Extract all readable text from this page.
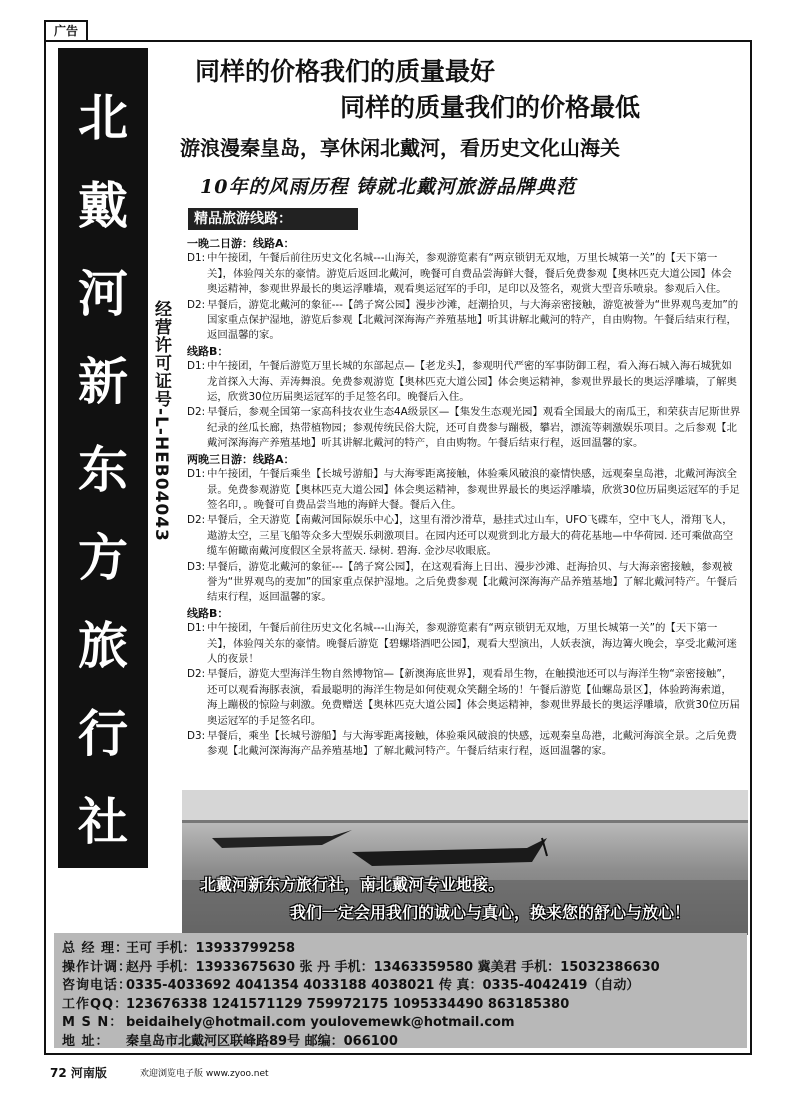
广告
北
戴
河
新
东
方
旅
行
社
经营许可证号-L-HEB04043
同样的价格我们的质量最好
同样的质量我们的价格最低
游浪漫秦皇岛，享休闲北戴河，看历史文化山海关
10年的风雨历程 铸就北戴河旅游品牌典范
精品旅游线路：
一晚二日游：线路A：
D1: 中午接团，午餐后前往历史文化名城---山海关，参观游览素有“两京锁钥无双地，万里长城第一关”的【天下第一关】，体验闯关东的豪情。游览后返回北戴河，晚餐可自费品尝海鲜大餐，餐后免费参观【奥林匹克大道公园】体会奥运精神，参观世界最长的奥运浮雕墙，观看奥运冠军的手印，足印以及签名，观赏大型音乐喷泉。参观后入住。
D2: 早餐后，游览北戴河的象征---【鸽子窝公园】漫步沙滩，赶潮拾贝，与大海亲密接触，游览被誉为“世界观鸟麦加”的国家重点保护湿地，游览后参观【北戴河深海海产养殖基地】听其讲解北戴河的特产，自由购物。午餐后结束行程，返回温馨的家。
线路B：
D1: 中午接团，午餐后游览万里长城的东部起点—【老龙头】，参观明代严密的军事防御工程，看入海石城入海石城犹如龙首探入大海、弄涛舞浪。免费参观游览【奥林匹克大道公园】体会奥运精神，参观世界最长的奥运浮雕墙，了解奥运，欣赏30位历届奥运冠军的手足签名印。晚餐后入住。
D2: 早餐后，参观全国第一家高科技农业生态4A级景区—【集发生态观光园】观看全国最大的南瓜王，和荣获吉尼斯世界纪录的丝瓜长廊，热带植物园；参观传统民俗大院，还可自费参与蹦极，攀岩，漂流等刺激娱乐项目。之后参观【北戴河深海海产养殖基地】听其讲解北戴河的特产，自由购物。午餐后结束行程，返回温馨的家。
两晚三日游：线路A：
D1: 中午接团，午餐后乘坐【长城号游船】与大海零距离接触，体验乘风破浪的豪情快感，远观秦皇岛港，北戴河海滨全景。免费参观游览【奥林匹克大道公园】体会奥运精神，参观世界最长的奥运浮雕墙，欣赏30位历届奥运冠军的手足签名印，。晚餐可自费品尝当地的海鲜大餐。餐后入住。
D2: 早餐后，全天游览【南戴河国际娱乐中心】，这里有滑沙滑草，悬挂式过山车，UFO飞碟车，空中飞人，滑翔飞人，遨游太空，三星飞船等众多大型娱乐刺激项目。在园内还可以观赏到北方最大的荷花基地—中华荷园. 还可乘做高空缆车俯瞰南戴河度假区全景将蓝天. 绿树. 碧海. 金沙尽收眼底。
D3: 早餐后，游览北戴河的象征---【鸽子窝公园】，在这观看海上日出、漫步沙滩、赶海拾贝、与大海亲密接触，参观被誉为“世界观鸟的麦加”的国家重点保护湿地。之后免费参观【北戴河深海海产品养殖基地】了解北戴河特产。午餐后结束行程，返回温馨的家。
线路B：
D1: 中午接团，午餐后前往历史文化名城---山海关，参观游览素有“两京锁钥无双地，万里长城第一关”的【天下第一关】，体验闯关东的豪情。晚餐后游览【碧螺塔酒吧公园】，观看大型演出，人妖表演，海边篝火晚会，享受北戴河迷人的夜景！
D2: 早餐后，游览大型海洋生物自然博物馆—【新澳海底世界】，观看昂生物，在触摸池还可以与海洋生物“亲密接触”，还可以观看海豚表演，看最聪明的海洋生物是如何使观众笑翻全场的！午餐后游览【仙螺岛景区】，体验跨海索道，海上蹦极的惊险与刺激。免费赠送【奥林匹克大道公园】体会奥运精神，参观世界最长的奥运浮雕墙，欣赏30位历届奥运冠军的手足签名印。
D3: 早餐后，乘坐【长城号游船】与大海零距离接触，体验乘风破浪的快感，远观秦皇岛港，北戴河海滨全景。之后免费参观【北戴河深海海产品养殖基地】了解北戴河特产。午餐后结束行程，返回温馨的家。
北戴河新东方旅行社，南北戴河专业地接。
我们一定会用我们的诚心与真心，换来您的舒心与放心！
总 经 理：王可 手机：13933799258
操作计调：赵丹 手机：13933675630 张 丹 手机：13463359580 冀美君 手机：15032386630
咨询电话：0335-4033692 4041354 4033188 4038021 传 真：0335-4042419（自动）
工作QQ：123676338 1241571129 759972175 1095334490 863185380
M S N： beidaihely@hotmail.com youlovemewk@hotmail.com
地 址： 秦皇岛市北戴河区联峰路89号 邮编：066100
72 河南版	欢迎浏览电子版 www.zyoo.net
